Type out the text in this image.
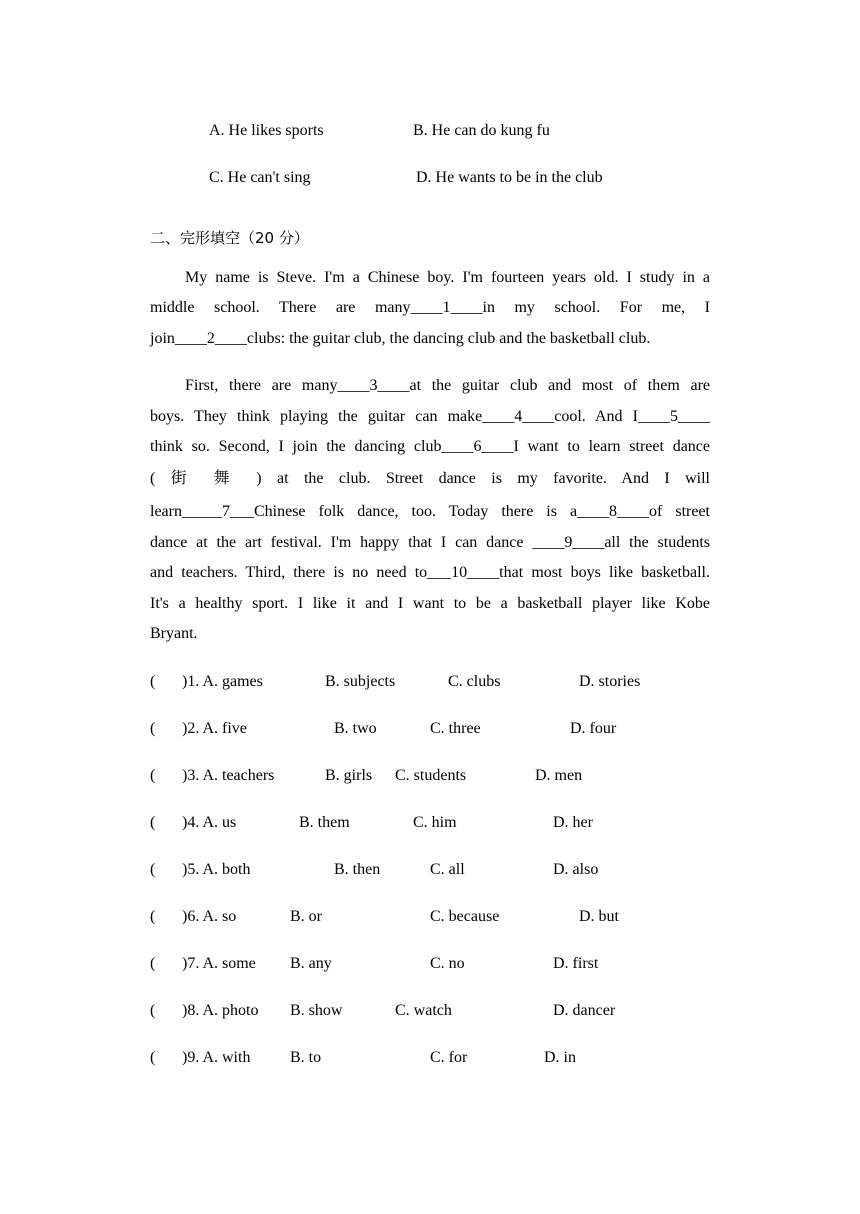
A. He likes sports	B. He can do kung fu
C. He can't sing	D. He wants to be in the club
二、完形填空（20 分）
My name is Steve. I'm a Chinese boy. I'm fourteen years old. I study in a
middle school. There are many____1____in my school. For me, I
join____2____clubs: the guitar club, the dancing club and the basketball club.
First, there are many____3____at the guitar club and most of them are
boys. They think playing the guitar can make____4____cool. And I____5____
think so. Second, I join the dancing club____6____I want to learn street dance
( 街 舞 ) at the club. Street dance is my favorite. And I will
learn_____7___Chinese folk dance, too. Today there is a____8____of street
dance at the art festival. I'm happy that I can dance ____9____all the students
and teachers. Third, there is no need to___10____that most boys like basketball.
It's a healthy sport. I like it and I want to be a basketball player like Kobe
Bryant.
( )1. A. games	B. subjects	C. clubs	D. stories
( )2. A. five	B. two	C. three	D. four
( )3. A. teachers	B. girls C. students	D. men
( )4. A. us	B. them	C. him	D. her
( )5. A. both	B. then	C. all	D. also
( )6. A. so	B. or	C. because	D. but
( )7. A. some B. any	C. no	D. first
( )8. A. photo B. show	C. watch	D. dancer
( )9. A. with B. to	C. for	D. in
